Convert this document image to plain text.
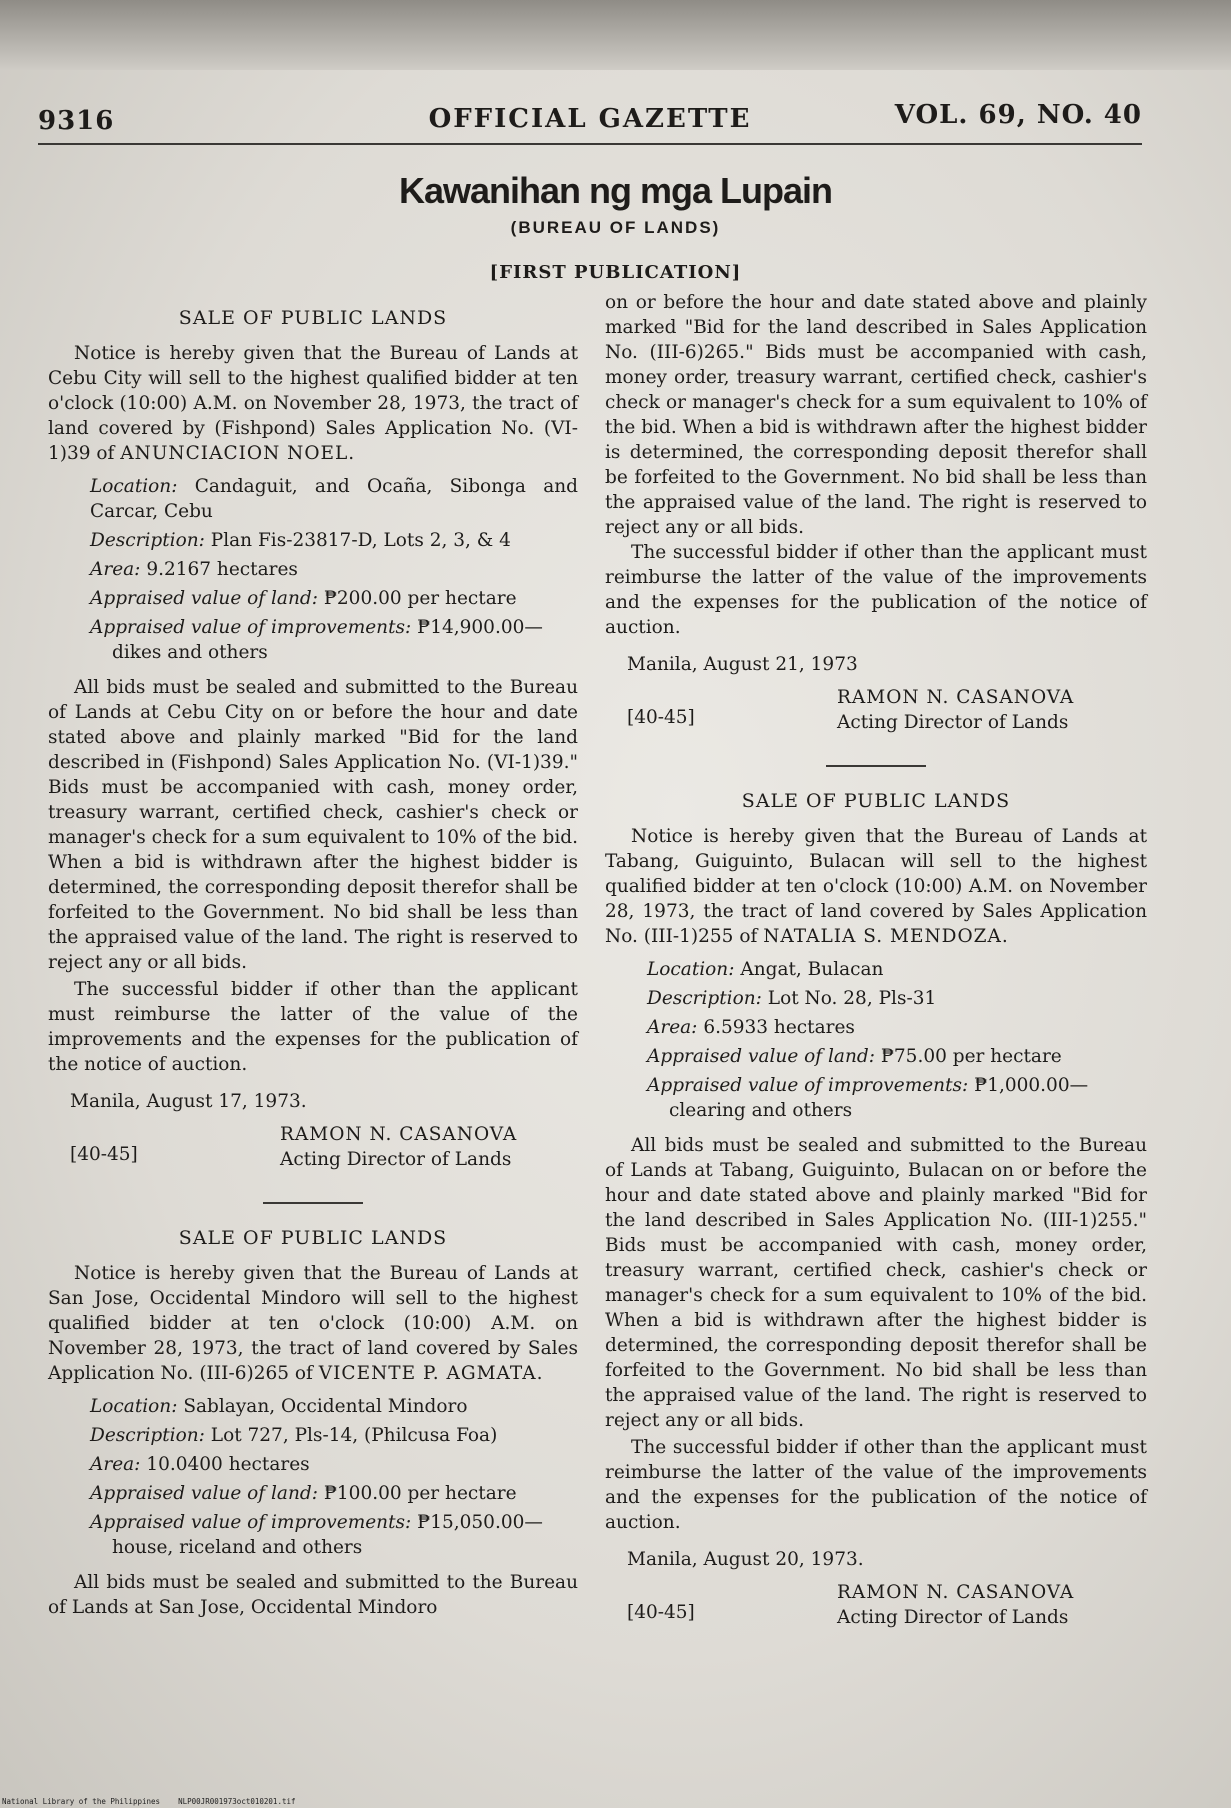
9316	OFFICIAL GAZETTE	VOL. 69, NO. 40
Kawanihan ng mga Lupain
(BUREAU OF LANDS)
[FIRST PUBLICATION]
SALE OF PUBLIC LANDS

Notice is hereby given that the Bureau of Lands at Cebu City will sell to the highest qualified bidder at ten o'clock (10:00) A.M. on November 28, 1973, the tract of land covered by (Fishpond) Sales Application No. (VI-1)39 of ANUNCIACION NOEL.

Location: Candaguit, and Ocaña, Sibonga and Carcar, Cebu
Description: Plan Fis-23817-D, Lots 2, 3, & 4
Area: 9.2167 hectares
Appraised value of land: ₱200.00 per hectare
Appraised value of improvements: ₱14,900.00—
dikes and others

All bids must be sealed and submitted to the Bureau of Lands at Cebu City on or before the hour and date stated above and plainly marked "Bid for the land described in (Fishpond) Sales Application No. (VI-1)39." Bids must be accompanied with cash, money order, treasury warrant, certified check, cashier's check or manager's check for a sum equivalent to 10% of the bid. When a bid is withdrawn after the highest bidder is determined, the corresponding deposit therefor shall be forfeited to the Government. No bid shall be less than the appraised value of the land. The right is reserved to reject any or all bids.

The successful bidder if other than the applicant must reimburse the latter of the value of the improvements and the expenses for the publication of the notice of auction.

Manila, August 17, 1973.
[40-45]
RAMON N. CASANOVA
Acting Director of Lands
SALE OF PUBLIC LANDS

Notice is hereby given that the Bureau of Lands at San Jose, Occidental Mindoro will sell to the highest qualified bidder at ten o'clock (10:00) A.M. on November 28, 1973, the tract of land covered by Sales Application No. (III-6)265 of VICENTE P. AGMATA.

Location: Sablayan, Occidental Mindoro
Description: Lot 727, Pls-14, (Philcusa Foa)
Area: 10.0400 hectares
Appraised value of land: ₱100.00 per hectare
Appraised value of improvements: ₱15,050.00—
house, riceland and others

All bids must be sealed and submitted to the Bureau of Lands at San Jose, Occidental Mindoro

on or before the hour and date stated above and plainly marked "Bid for the land described in Sales Application No. (III-6)265." Bids must be accompanied with cash, money order, treasury warrant, certified check, cashier's check or manager's check for a sum equivalent to 10% of the bid. When a bid is withdrawn after the highest bidder is determined, the corresponding deposit therefor shall be forfeited to the Government. No bid shall be less than the appraised value of the land. The right is reserved to reject any or all bids.

The successful bidder if other than the applicant must reimburse the latter of the value of the improvements and the expenses for the publication of the notice of auction.

Manila, August 21, 1973
[40-45]
RAMON N. CASANOVA
Acting Director of Lands
SALE OF PUBLIC LANDS

Notice is hereby given that the Bureau of Lands at Tabang, Guiguinto, Bulacan will sell to the highest qualified bidder at ten o'clock (10:00) A.M. on November 28, 1973, the tract of land covered by Sales Application No. (III-1)255 of NATALIA S. MENDOZA.

Location: Angat, Bulacan
Description: Lot No. 28, Pls-31
Area: 6.5933 hectares
Appraised value of land: ₱75.00 per hectare
Appraised value of improvements: ₱1,000.00—
clearing and others

All bids must be sealed and submitted to the Bureau of Lands at Tabang, Guiguinto, Bulacan on or before the hour and date stated above and plainly marked "Bid for the land described in Sales Application No. (III-1)255." Bids must be accompanied with cash, money order, treasury warrant, certified check, cashier's check or manager's check for a sum equivalent to 10% of the bid. When a bid is withdrawn after the highest bidder is determined, the corresponding deposit therefor shall be forfeited to the Government. No bid shall be less than the appraised value of the land. The right is reserved to reject any or all bids.

The successful bidder if other than the applicant must reimburse the latter of the value of the improvements and the expenses for the publication of the notice of auction.

Manila, August 20, 1973.
[40-45]
RAMON N. CASANOVA
Acting Director of Lands
National Library of the Philippines NLP00JR001973oct010201.tif
